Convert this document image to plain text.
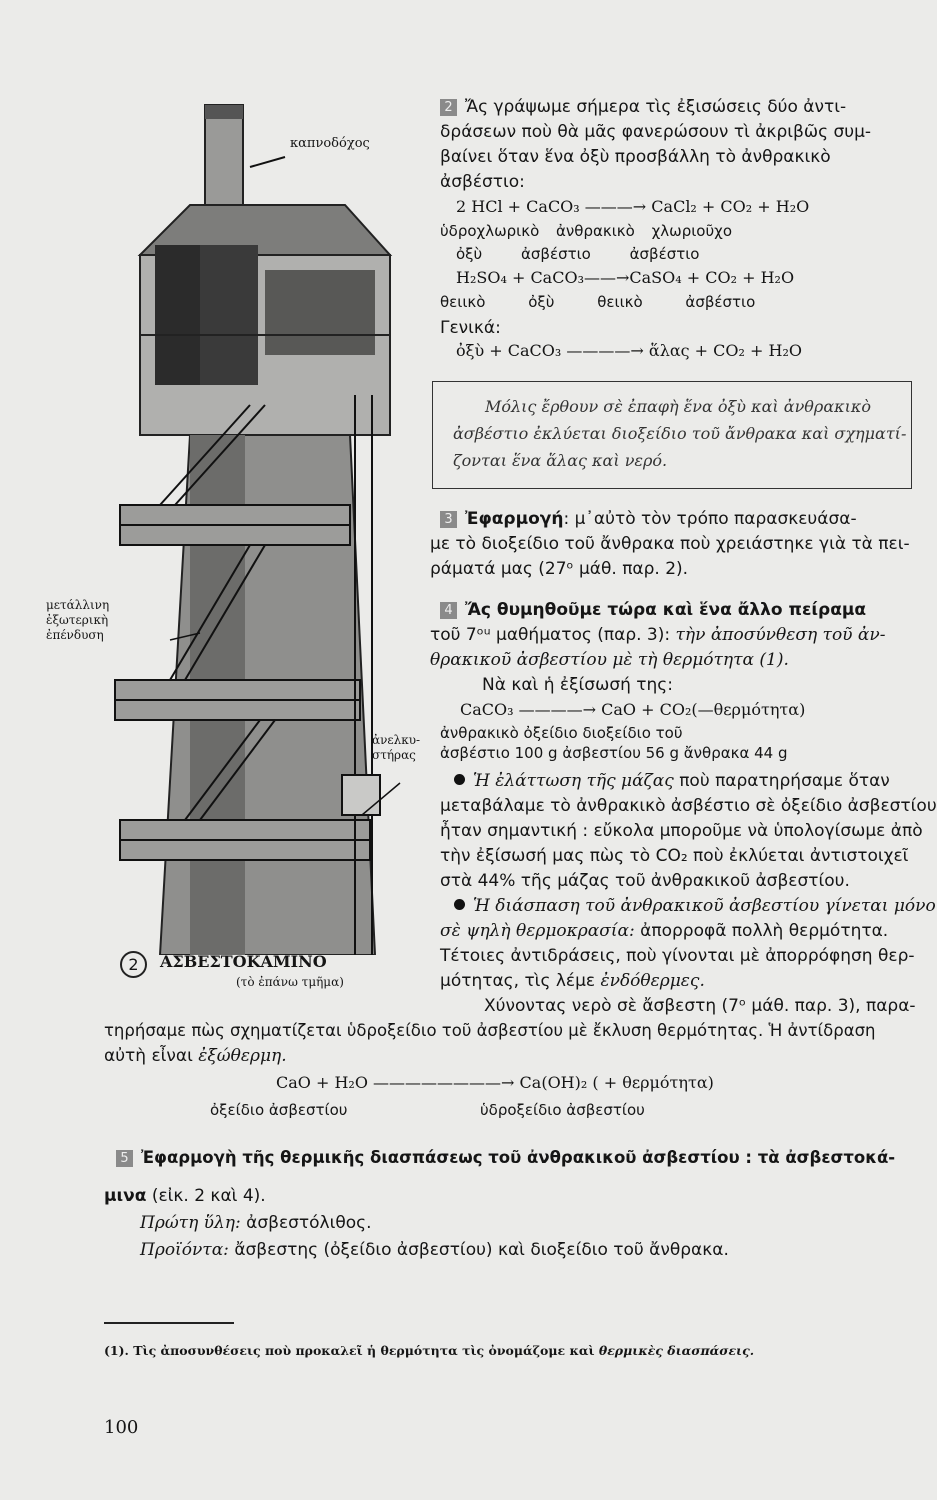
καπνοδόχος
μετάλλινη
ἐξωτερικὴ
ἐπένδυση
ἀνελκυ-
στήρας
2	ΑΣΒΕΣΤΟΚΑΜΙΝΟ
(τὸ ἐπάνω τμῆμα)
2 Ἄς γράψωμε σήμερα τὶς ἐξισώσεις δύο ἀντι-
δράσεων ποὺ θὰ μᾶς φανερώσουν τὶ ἀκριβῶς συμ-
βαίνει ὅταν ἕνα ὀξὺ προσβάλλη τὸ ἀνθρακικὸ
ἀσβέστιο:
2 HCl + CaCO₃ ———→ CaCl₂ + CO₂ + H₂O
ὑδροχλωρικὸ ἀνθρακικὸ χλωριοῦχο
ὀξὺ ἀσβέστιο ἀσβέστιο
H₂SO₄ + CaCO₃——→CaSO₄ + CO₂ + H₂O
θειικὸ ὀξὺ θειικὸ ἀσβέστιο
Γενικά:
ὀξὺ + CaCO₃ ————→ ἅλας + CO₂ + H₂O
Μόλις ἔρθουν σὲ ἐπαφὴ ἕνα ὀξὺ καὶ ἀνθρακικὸ
ἀσβέστιο ἐκλύεται διοξείδιο τοῦ ἄνθρακα καὶ σχηματί-
ζονται ἕνα ἅλας καὶ νερό.
3 Ἐφαρμογή: μ᾽αὐτὸ τὸν τρόπο παρασκευάσα-
με τὸ διοξείδιο τοῦ ἄνθρακα ποὺ χρειάστηκε γιὰ τὰ πει-
ράματά μας (27ᵒ μάθ. παρ. 2).
4 Ἄς θυμηθοῦμε τώρα καὶ ἕνα ἄλλο πείραμα
τοῦ 7ᵒᵘ μαθήματος (παρ. 3): τὴν ἀποσύνθεση τοῦ ἀν-
θρακικοῦ ἀσβεστίου μὲ τὴ θερμότητα (1).
Νὰ καὶ ἡ ἐξίσωσή της:
CaCO₃ ————→ CaO + CO₂(—θερμότητα)
ἀνθρακικὸ ὀξείδιο διοξείδιο τοῦ
ἀσβέστιο 100 g ἀσβεστίου 56 g ἄνθρακα 44 g
Ἡ ἐλάττωση τῆς μάζας ποὺ παρατηρήσαμε ὅταν
μεταβάλαμε τὸ ἀνθρακικὸ ἀσβέστιο σὲ ὀξείδιο ἀσβεστίου
ἦταν σημαντική : εὔκολα μποροῦμε νὰ ὑπολογίσωμε ἀπὸ
τὴν ἐξίσωσή μας πὼς τὸ CO₂ ποὺ ἐκλύεται ἀντιστοιχεῖ
στὰ 44% τῆς μάζας τοῦ ἀνθρακικοῦ ἀσβεστίου.
Ἡ διάσπαση τοῦ ἀνθρακικοῦ ἀσβεστίου γίνεται μόνο
σὲ ψηλὴ θερμοκρασία: ἀπορροφᾶ πολλὴ θερμότητα.
Τέτοιες ἀντιδράσεις, ποὺ γίνονται μὲ ἀπορρόφηση θερ-
μότητας, τὶς λέμε ἐνδόθερμες.
Χύνοντας νερὸ σὲ ἄσβεστη (7ᵒ μάθ. παρ. 3), παρα-
τηρήσαμε πὼς σχηματίζεται ὑδροξείδιο τοῦ ἀσβεστίου μὲ ἔκλυση θερμότητας. Ἡ ἀντίδραση
αὐτὴ εἶναι ἐξώθερμη.
CaO + H₂O ————————→ Ca(OH)₂ ( + θερμότητα)
ὀξείδιο ἀσβεστίου	ὑδροξείδιο ἀσβεστίου
5 Ἐφαρμογὴ τῆς θερμικῆς διασπάσεως τοῦ ἀνθρακικοῦ ἀσβεστίου : τὰ ἀσβεστοκά-
μινα (εἰκ. 2 καὶ 4).
Πρώτη ὕλη: ἀσβεστόλιθος.
Προϊόντα: ἄσβεστης (ὀξείδιο ἀσβεστίου) καὶ διοξείδιο τοῦ ἄνθρακα.
(1). Τὶς ἀποσυνθέσεις ποὺ προκαλεῖ ἡ θερμότητα τὶς ὀνομάζομε καὶ θερμικὲς διασπάσεις.
100
